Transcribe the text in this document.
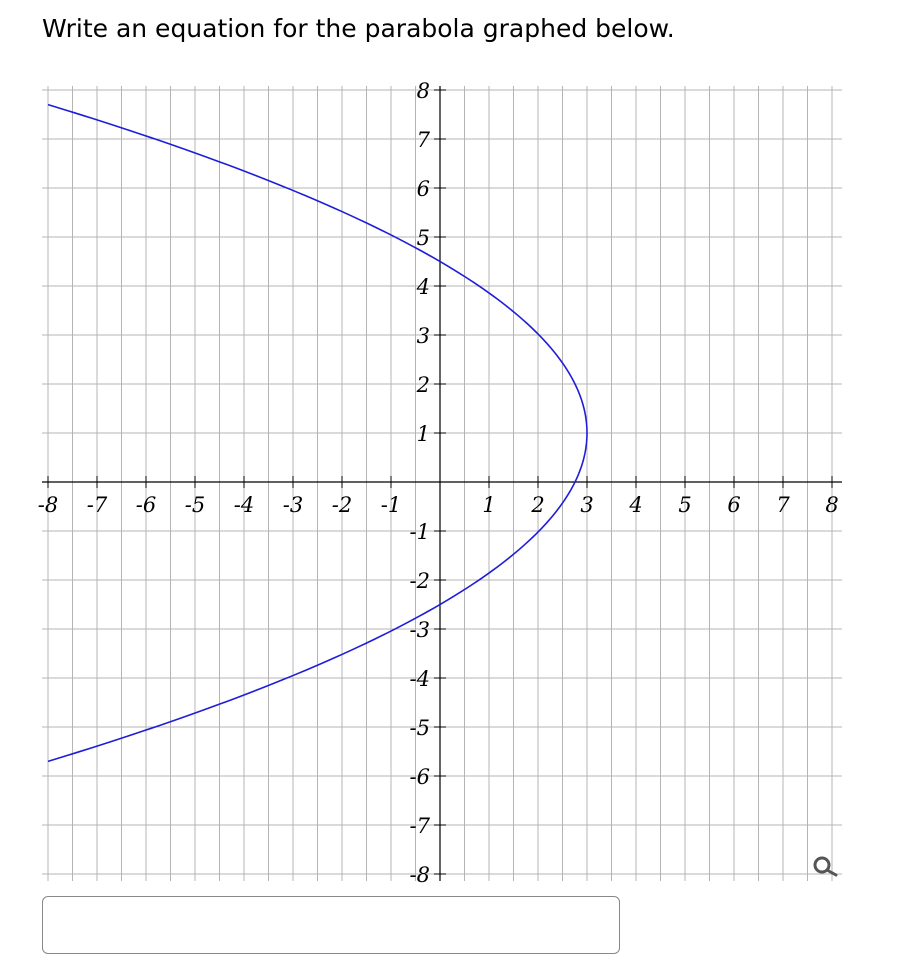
Write an equation for the parabola graphed below.
-8 -7 -6 -5 -4 -3 -2 -1	1 2 3 4 5 6 7 8
8
7
6
5
4
3
2
1
-1
-2
-3
-4
-5
-6
-7
-8
